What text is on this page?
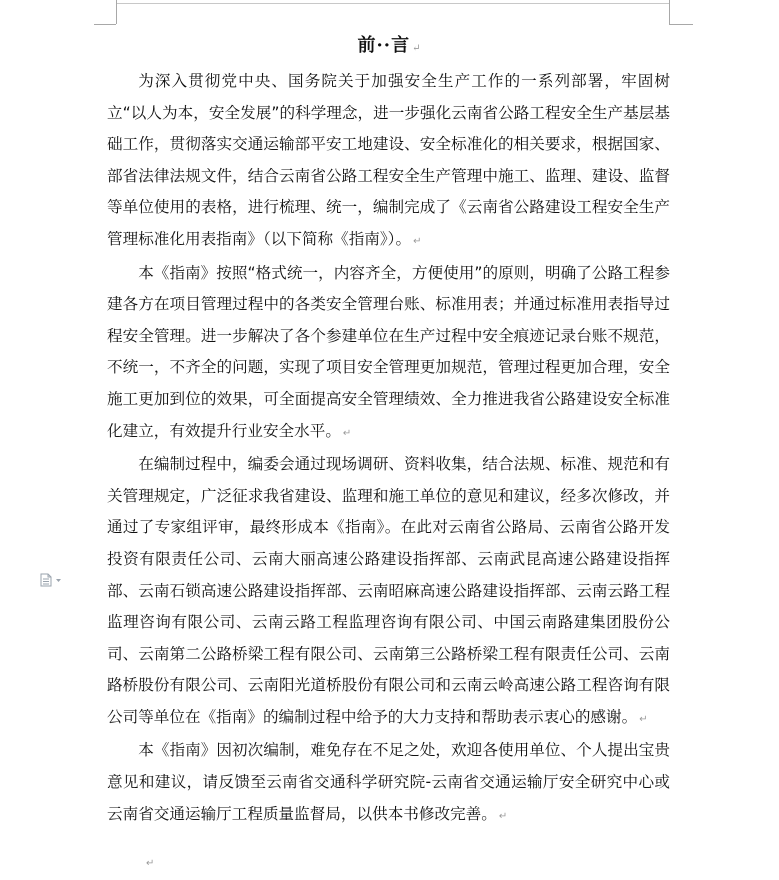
前··言 ↵

为深入贯彻党中央、国务院关于加强安全生产工作的一系列部署，牢固树立“以人为本，安全发展”的科学理念，进一步强化云南省公路工程安全生产基层基础工作，贯彻落实交通运输部平安工地建设、安全标准化的相关要求，根据国家、部省法律法规文件，结合云南省公路工程安全生产管理中施工、监理、建设、监督等单位使用的表格，进行梳理、统一，编制完成了《云南省公路建设工程安全生产管理标准化用表指南》（以下简称《指南》）。 ↵

本《指南》按照“格式统一，内容齐全，方便使用”的原则，明确了公路工程参建各方在项目管理过程中的各类安全管理台账、标准用表；并通过标准用表指导过程安全管理。进一步解决了各个参建单位在生产过程中安全痕迹记录台账不规范，不统一，不齐全的问题，实现了项目安全管理更加规范，管理过程更加合理，安全施工更加到位的效果，可全面提高安全管理绩效、全力推进我省公路建设安全标准化建立，有效提升行业安全水平。 ↵

在编制过程中，编委会通过现场调研、资料收集，结合法规、标准、规范和有关管理规定，广泛征求我省建设、监理和施工单位的意见和建议，经多次修改，并通过了专家组评审，最终形成本《指南》。在此对云南省公路局、云南省公路开发投资有限责任公司、云南大丽高速公路建设指挥部、云南武昆高速公路建设指挥部、云南石锁高速公路建设指挥部、云南昭麻高速公路建设指挥部、云南云路工程监理咨询有限公司、云南云路工程监理咨询有限公司、中国云南路建集团股份公司、云南第二公路桥梁工程有限公司、云南第三公路桥梁工程有限责任公司、云南路桥股份有限公司、云南阳光道桥股份有限公司和云南云岭高速公路工程咨询有限公司等单位在《指南》的编制过程中给予的大力支持和帮助表示衷心的感谢。 ↵

本《指南》因初次编制，难免存在不足之处，欢迎各使用单位、个人提出宝贵意见和建议，请反馈至云南省交通科学研究院-云南省交通运输厅安全研究中心或云南省交通运输厅工程质量监督局，以供本书修改完善。 ↵

↵
